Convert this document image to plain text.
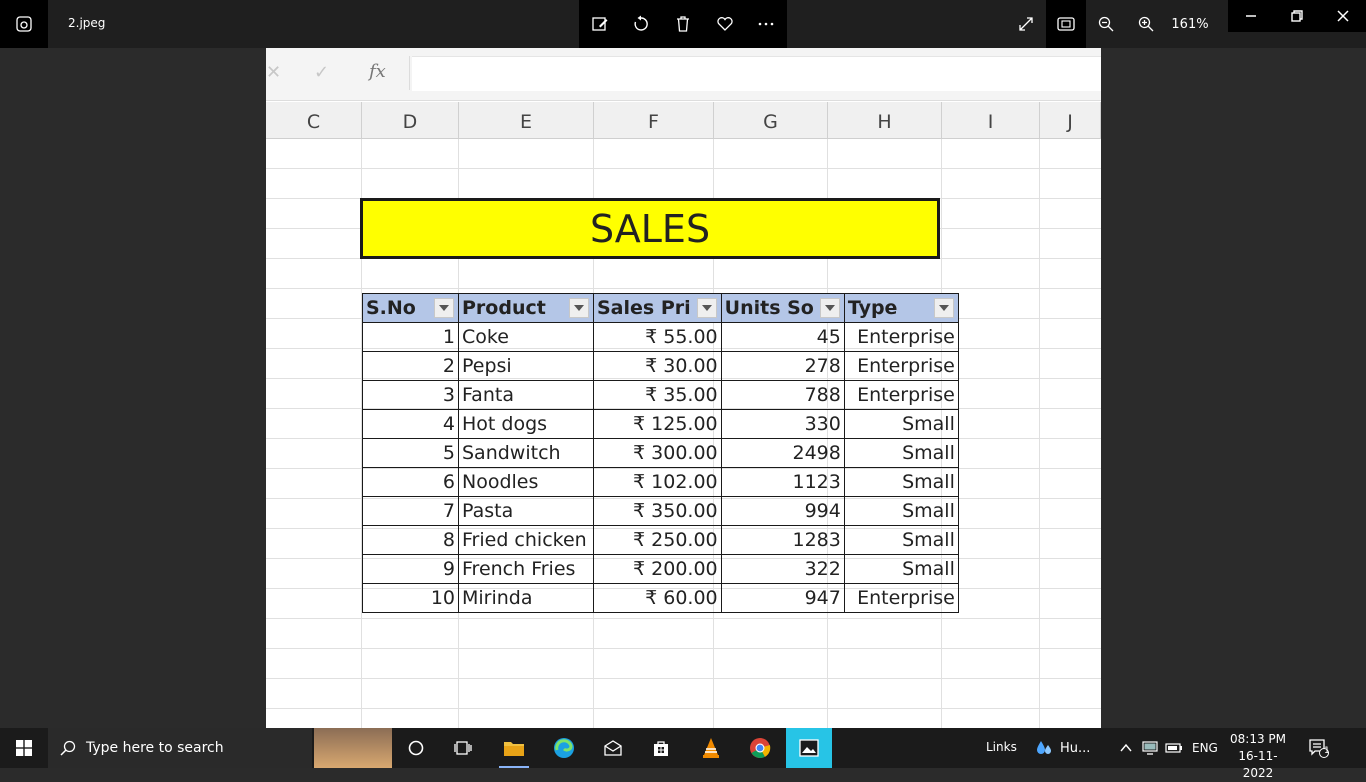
2.jpeg	161%
✕ ✓ fx
C	D	E	F	G	H	I	J
SALES
S.No	Product	Sales Pri	Units So	Type

1	Coke	₹ 55.00	45	Enterprise
2	Pepsi	₹ 30.00	278	Enterprise
3	Fanta	₹ 35.00	788	Enterprise
4	Hot dogs	₹ 125.00	330	Small
5	Sandwitch	₹ 300.00	2498	Small
6	Noodles	₹ 102.00	1123	Small
7	Pasta	₹ 350.00	994	Small
8	Fried chicken	₹ 250.00	1283	Small
9	French Fries	₹ 200.00	322	Small
10	Mirinda	₹ 60.00	947	Enterprise
Type here to search	Links	Hu...	ENG
08:13 PM
16-11-2022
1
